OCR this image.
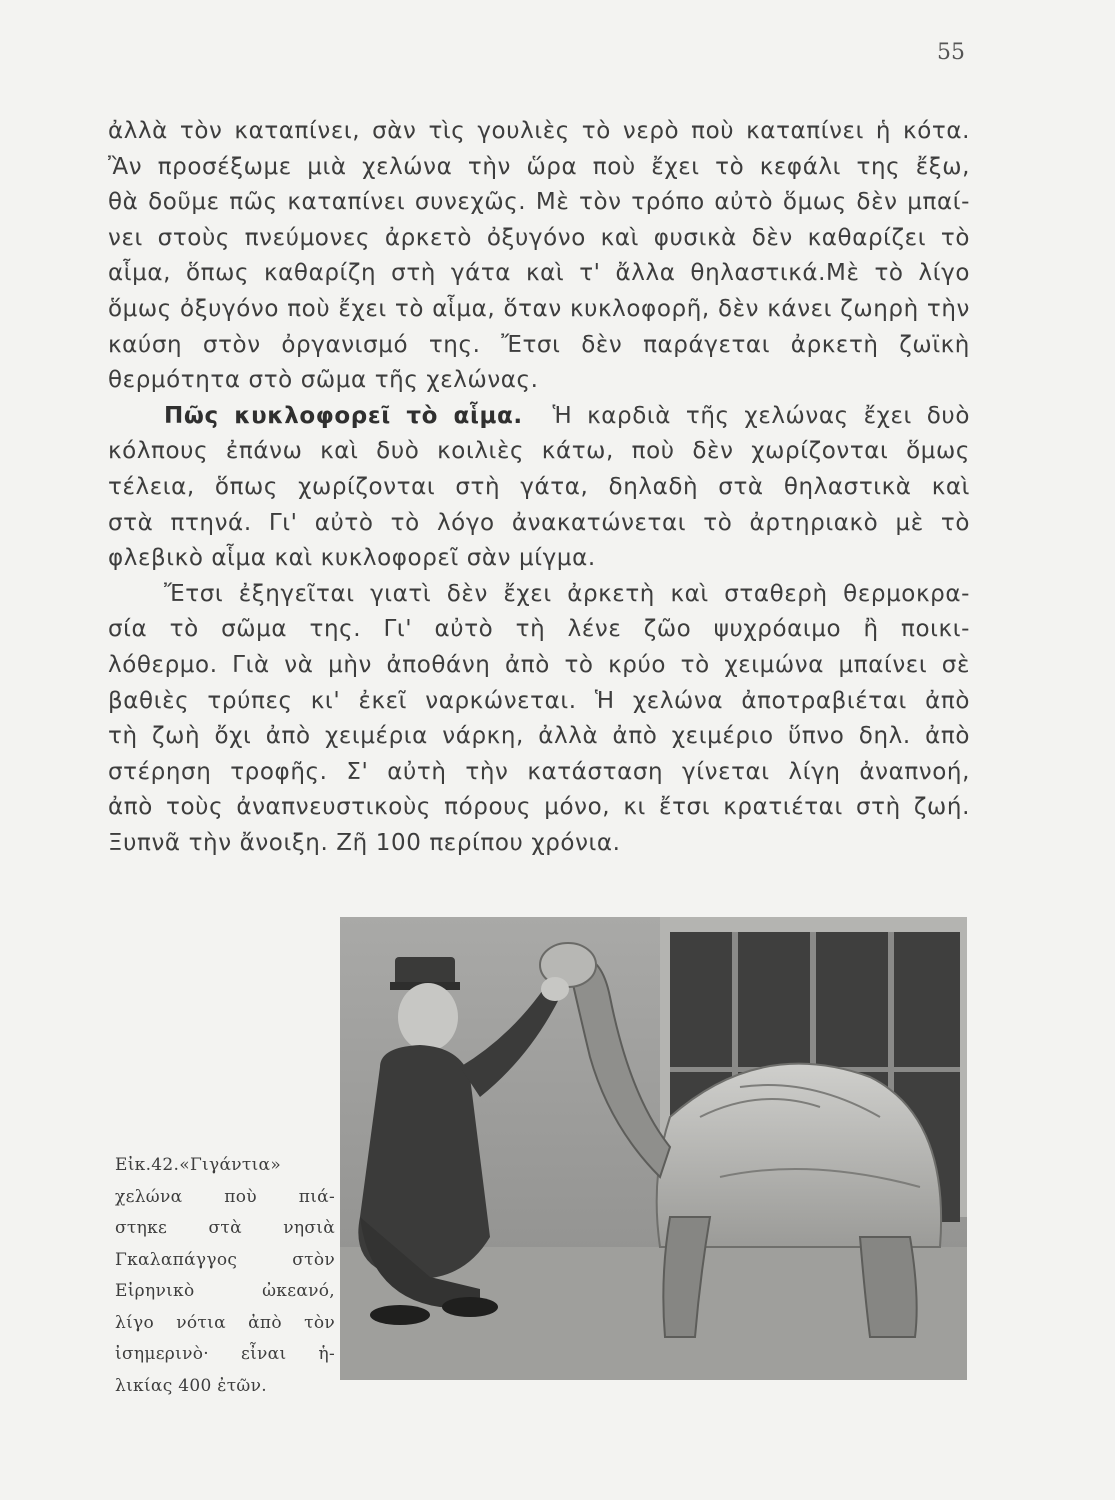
55
ἀλλὰ τὸν καταπίνει, σὰν τὶς γουλιὲς τὸ νερὸ ποὺ καταπίνει ἡ κότα.
Ἂν προσέξωμε μιὰ χελώνα τὴν ὥρα ποὺ ἔχει τὸ κεφάλι της ἔξω,
θὰ δοῦμε πῶς καταπίνει συνεχῶς. Μὲ τὸν τρόπο αὐτὸ ὅμως δὲν μπαί-
νει στοὺς πνεύμονες ἀρκετὸ ὀξυγόνο καὶ φυσικὰ δὲν καθαρίζει τὸ
αἷμα, ὅπως καθαρίζη στὴ γάτα καὶ τ' ἄλλα θηλαστικά.Μὲ τὸ λίγο
ὅμως ὀξυγόνο ποὺ ἔχει τὸ αἷμα, ὅταν κυκλοφορῆ, δὲν κάνει ζωηρὴ τὴν
καύση στὸν ὀργανισμό της. Ἔτσι δὲν παράγεται ἀρκετὴ ζωϊκὴ
θερμότητα στὸ σῶμα τῆς χελώνας.
Πῶς κυκλοφορεῖ τὸ αἷμα. Ἡ καρδιὰ τῆς χελώνας ἔχει δυὸ
κόλπους ἐπάνω καὶ δυὸ κοιλιὲς κάτω, ποὺ δὲν χωρίζονται ὅμως
τέλεια, ὅπως χωρίζονται στὴ γάτα, δηλαδὴ στὰ θηλαστικὰ καὶ
στὰ πτηνά. Γι' αὐτὸ τὸ λόγο ἀνακατώνεται τὸ ἀρτηριακὸ μὲ τὸ
φλεβικὸ αἷμα καὶ κυκλοφορεῖ σὰν μίγμα.
Ἔτσι ἐξηγεῖται γιατὶ δὲν ἔχει ἀρκετὴ καὶ σταθερὴ θερμοκρα-
σία τὸ σῶμα της. Γι' αὐτὸ τὴ λένε ζῶο ψυχρόαιμο ἢ ποικι-
λόθερμο. Γιὰ νὰ μὴν ἀποθάνη ἀπὸ τὸ κρύο τὸ χειμώνα μπαίνει σὲ
βαθιὲς τρύπες κι' ἐκεῖ ναρκώνεται. Ἡ χελώνα ἀποτραβιέται ἀπὸ
τὴ ζωὴ ὄχι ἀπὸ χειμέρια νάρκη, ἀλλὰ ἀπὸ χειμέριο ὕπνο δηλ. ἀπὸ
στέρηση τροφῆς. Σ' αὐτὴ τὴν κατάσταση γίνεται λίγη ἀναπνοή,
ἀπὸ τοὺς ἀναπνευστικοὺς πόρους μόνο, κι ἔτσι κρατιέται στὴ ζωή.
Ξυπνᾶ τὴν ἄνοιξη. Ζῆ 100 περίπου χρόνια.
Εἰκ.42.«Γιγάντια»
χελώνα ποὺ πιά-
στηκε στὰ νησιὰ
Γκαλαπάγγος στὸν
Εἰρηνικὸ ὠκεανό,
λίγο νότια ἀπὸ τὸν
ἰσημερινὸ· εἶναι ἡ-
λικίας 400 ἐτῶν.
